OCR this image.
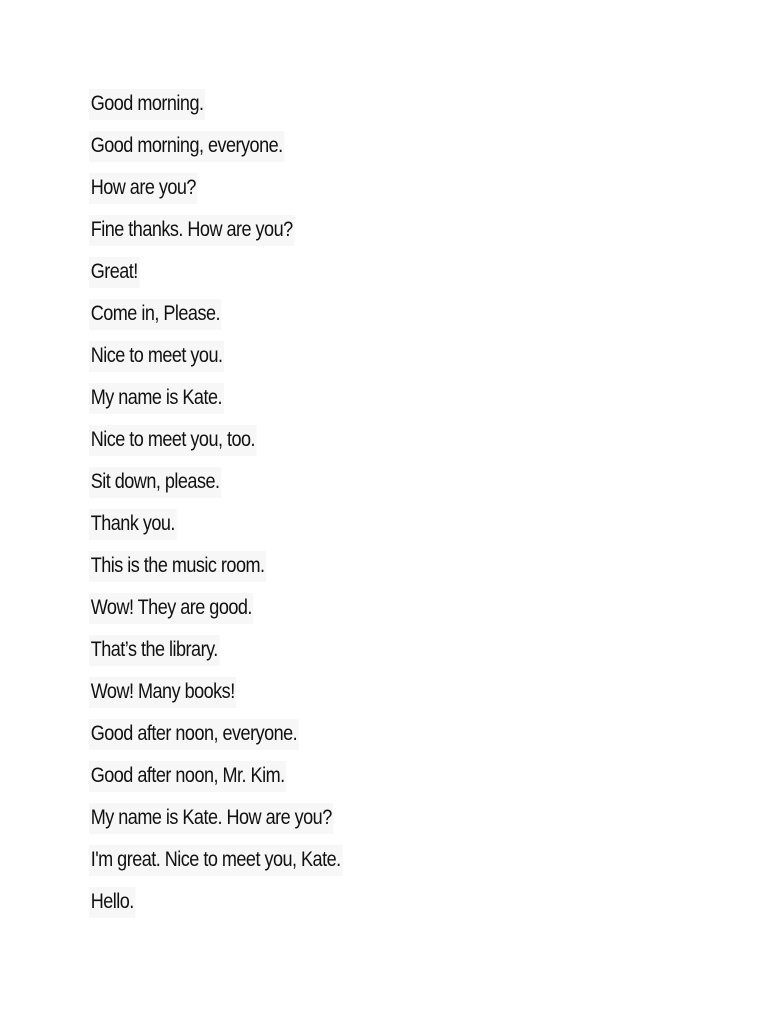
Good morning.
Good morning, everyone.
How are you?
Fine thanks. How are you?
Great!
Come in, Please.
Nice to meet you.
My name is Kate.
Nice to meet you, too.
Sit down, please.
Thank you.
This is the music room.
Wow! They are good.
That’s the library.
Wow! Many books!
Good after noon, everyone.
Good after noon, Mr. Kim.
My name is Kate. How are you?
I'm great. Nice to meet you, Kate.
Hello.
